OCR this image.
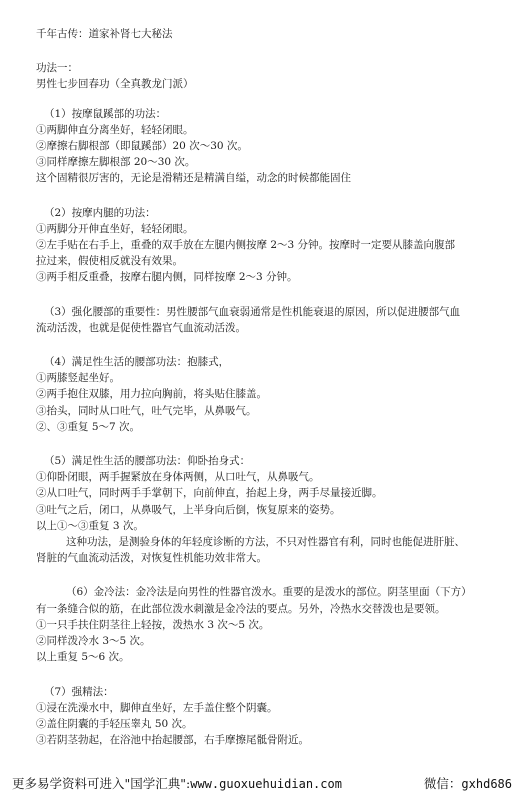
千年古传：道家补肾七大秘法
功法一：
男性七步回春功（全真教龙门派）
（1）按摩鼠蹊部的功法：
①两脚伸直分离坐好，轻轻闭眼。
②摩擦右脚根部（即鼠蹊部）20 次～30 次。
③同样摩擦左脚根部 20～30 次。
这个固精很厉害的，无论是滑精还是精满自缢，动念的时候都能固住
（2）按摩内腿的功法：
①两脚分开伸直坐好，轻轻闭眼。
②左手贴在右手上，重叠的双手放在左腿内侧按摩 2～3 分钟。按摩时一定要从膝盖向腹部
拉过来，假使相反就没有效果。
③两手相反重叠，按摩右腿内侧，同样按摩 2～3 分钟。
（3）强化腰部的重要性：男性腰部气血衰弱通常是性机能衰退的原因，所以促进腰部气血
流动活泼，也就是促使性器官气血流动活泼。
（4）满足性生活的腰部功法：抱膝式，
①两膝竖起坐好。
②两手抱住双膝，用力拉向胸前，将头贴住膝盖。
③抬头，同时从口吐气，吐气完毕，从鼻吸气。
②、③重复 5～7 次。
（5）满足性生活的腰部功法：仰卧抬身式：
①仰卧闭眼，两手握紧放在身体两侧，从口吐气，从鼻吸气。
②从口吐气，同时两手手掌朝下，向前伸直，抬起上身，两手尽量接近脚。
③吐气之后，闭口，从鼻吸气，上半身向后倒，恢复原来的姿势。
以上①～③重复 3 次。
这种功法，是测验身体的年轻度诊断的方法，不只对性器官有利，同时也能促进肝脏、
肾脏的气血流动活泼，对恢复性机能功效非常大。
（6）金冷法：金冷法是向男性的性器官泼水。重要的是泼水的部位。阴茎里面（下方）
有一条缝合似的筋，在此部位泼水刺激是金冷法的要点。另外，冷热水交替泼也是要领。
①一只手扶住阴茎往上轻按，泼热水 3 次～5 次。
②同样泼冷水 3～5 次。
以上重复 5～6 次。
（7）强精法：
①浸在洗澡水中，脚伸直坐好，左手盖住整个阴囊。
②盖住阴囊的手轻压睾丸 50 次。
③若阴茎勃起，在浴池中抬起腰部，右手摩擦尾骶骨附近。
更多易学资料可进入"国学汇典":www.guoxuehuidian.com	微信：gxhd686
